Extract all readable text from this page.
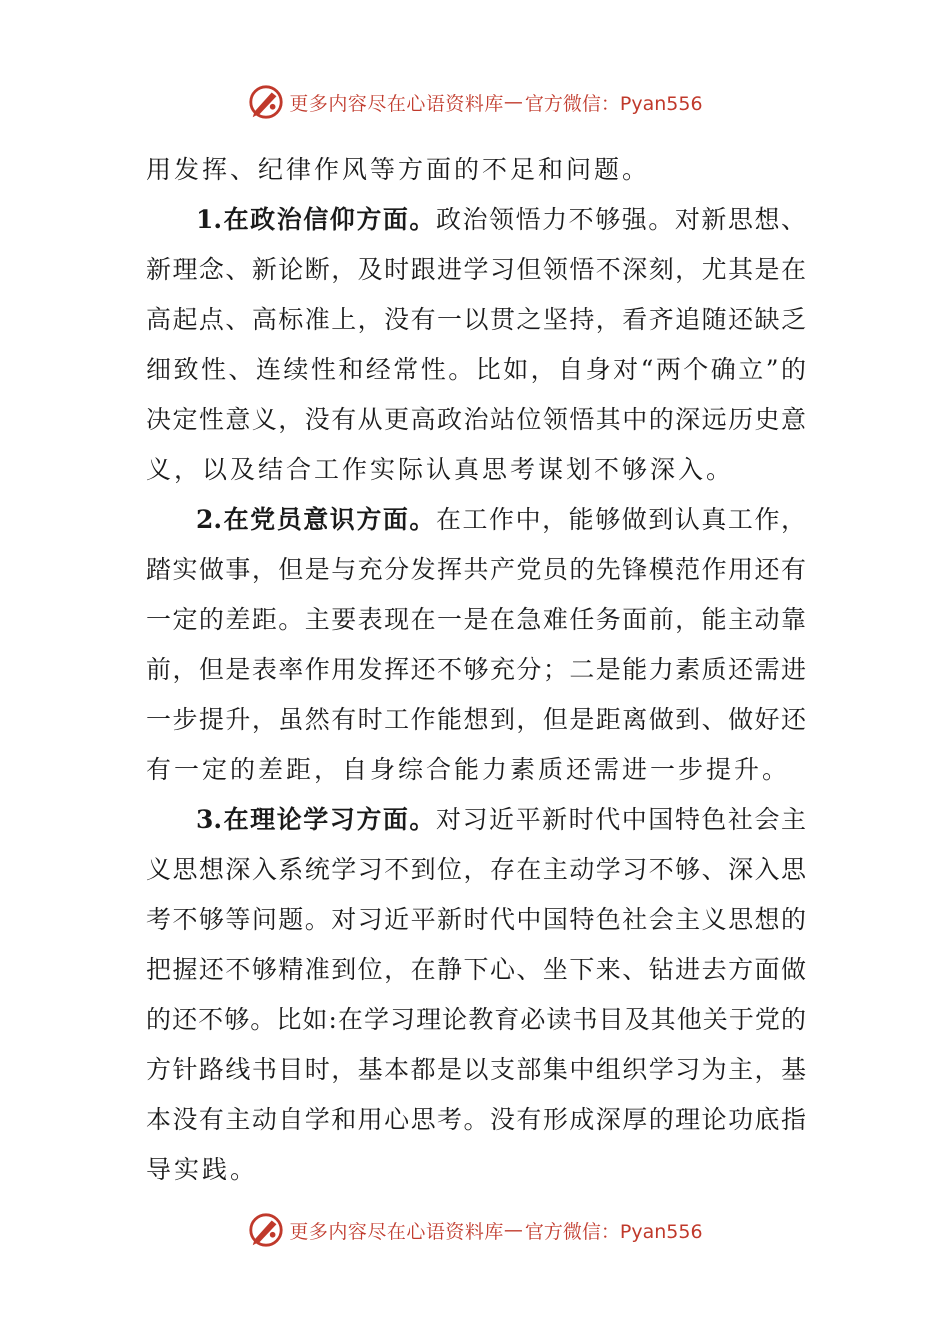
更多内容尽在心语资料库 — 官方微信：Pyan556
用发挥、纪律作风等方面的不足和问题。
1.在政治信仰方面。政治领悟力不够强。对新思想、
新理念、新论断，及时跟进学习但领悟不深刻，尤其是在
高起点、高标准上，没有一以贯之坚持，看齐追随还缺乏
细致性、连续性和经常性。比如，自身对“两个确立”的
决定性意义，没有从更高政治站位领悟其中的深远历史意
义，以及结合工作实际认真思考谋划不够深入。
2.在党员意识方面。在工作中，能够做到认真工作，
踏实做事，但是与充分发挥共产党员的先锋模范作用还有
一定的差距。主要表现在一是在急难任务面前，能主动靠
前，但是表率作用发挥还不够充分；二是能力素质还需进
一步提升，虽然有时工作能想到，但是距离做到、做好还
有一定的差距，自身综合能力素质还需进一步提升。
3.在理论学习方面。对习近平新时代中国特色社会主
义思想深入系统学习不到位，存在主动学习不够、深入思
考不够等问题。对习近平新时代中国特色社会主义思想的
把握还不够精准到位，在静下心、坐下来、钻进去方面做
的还不够。比如:在学习理论教育必读书目及其他关于党的
方针路线书目时，基本都是以支部集中组织学习为主，基
本没有主动自学和用心思考。没有形成深厚的理论功底指
导实践。
更多内容尽在心语资料库 — 官方微信：Pyan556
